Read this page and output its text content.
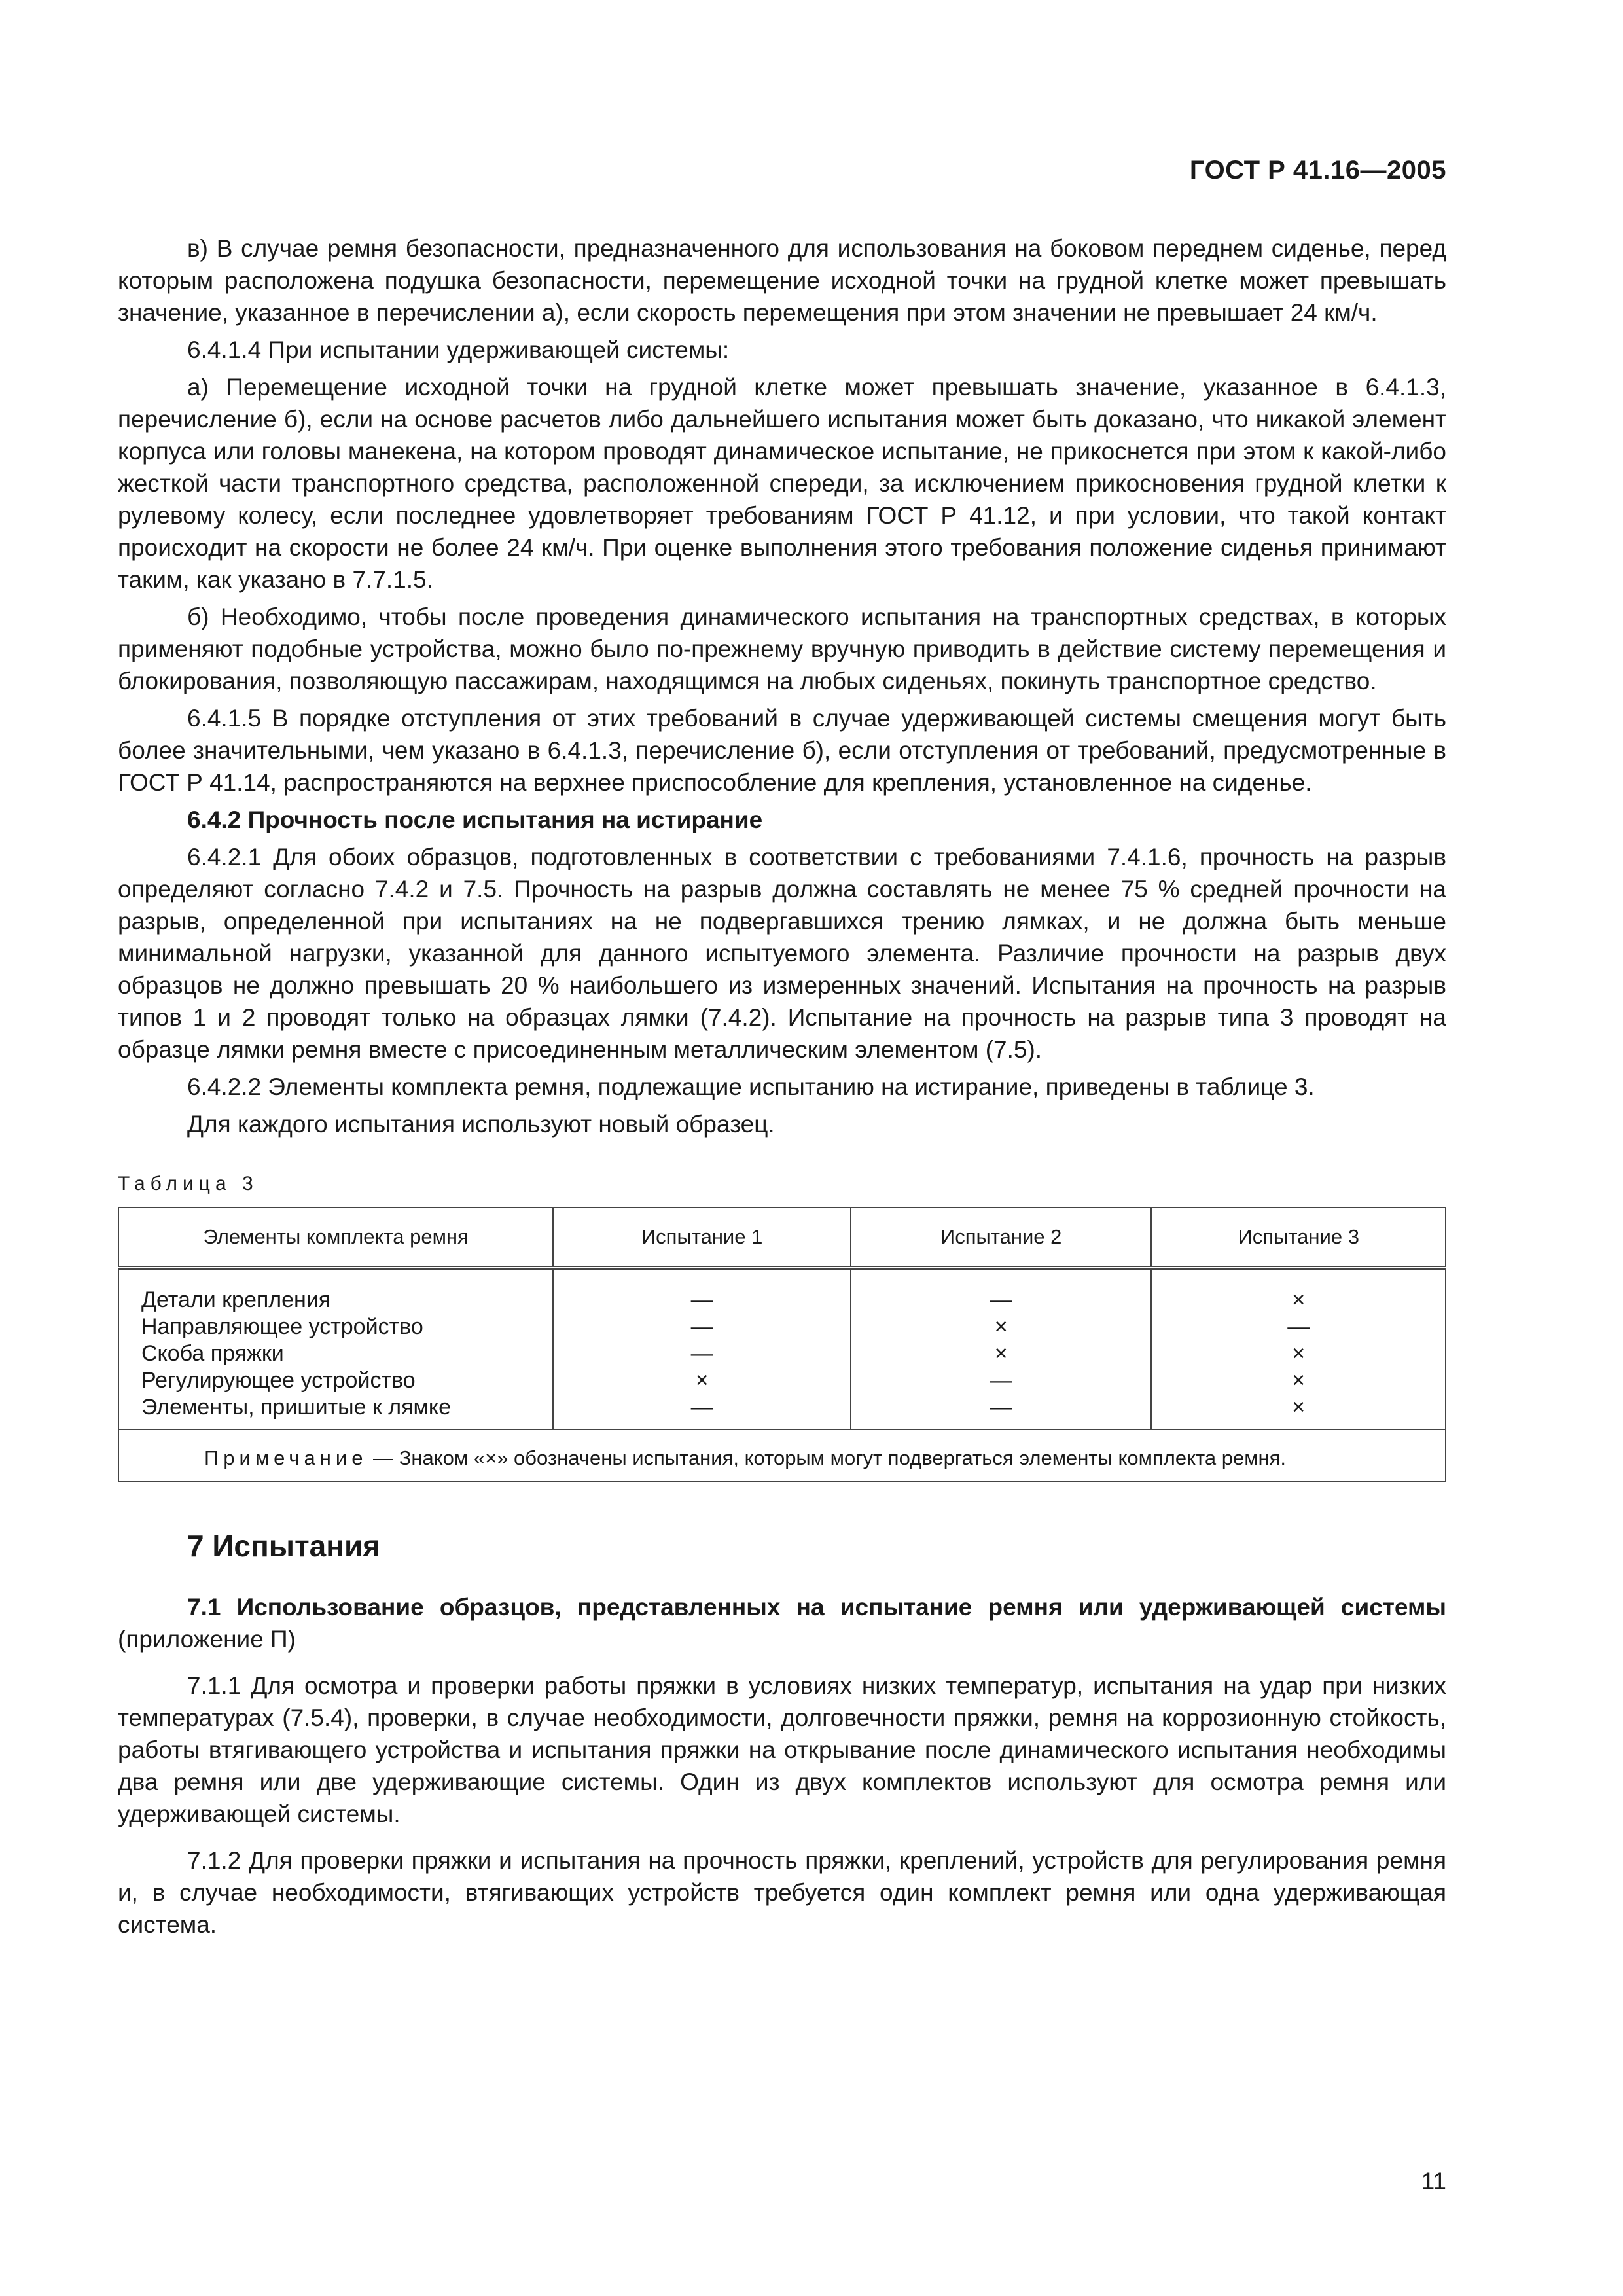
ГОСТ Р 41.16—2005

в) В случае ремня безопасности, предназначенного для использования на боковом переднем сиденье, перед которым расположена подушка безопасности, перемещение исходной точки на грудной клетке может превышать значение, указанное в перечислении а), если скорость перемещения при этом значении не превышает 24 км/ч.

6.4.1.4 При испытании удерживающей системы:

а) Перемещение исходной точки на грудной клетке может превышать значение, указанное в 6.4.1.3, перечисление б), если на основе расчетов либо дальнейшего испытания может быть доказано, что никакой элемент корпуса или головы манекена, на котором проводят динамическое испытание, не прикоснется при этом к какой-либо жесткой части транспортного средства, расположенной спереди, за исключением прикосновения грудной клетки к рулевому колесу, если последнее удовлетворяет требованиям ГОСТ Р 41.12, и при условии, что такой контакт происходит на скорости не более 24 км/ч. При оценке выполнения этого требования положение сиденья принимают таким, как указано в 7.7.1.5.

б) Необходимо, чтобы после проведения динамического испытания на транспортных средствах, в которых применяют подобные устройства, можно было по-прежнему вручную приводить в действие систему перемещения и блокирования, позволяющую пассажирам, находящимся на любых сиденьях, покинуть транспортное средство.

6.4.1.5 В порядке отступления от этих требований в случае удерживающей системы смещения могут быть более значительными, чем указано в 6.4.1.3, перечисление б), если отступления от требований, предусмотренные в ГОСТ Р 41.14, распространяются на верхнее приспособление для крепления, установленное на сиденье.

6.4.2 Прочность после испытания на истирание

6.4.2.1 Для обоих образцов, подготовленных в соответствии с требованиями 7.4.1.6, прочность на разрыв определяют согласно 7.4.2 и 7.5. Прочность на разрыв должна составлять не менее 75 % средней прочности на разрыв, определенной при испытаниях на не подвергавшихся трению лямках, и не должна быть меньше минимальной нагрузки, указанной для данного испытуемого элемента. Различие прочности на разрыв двух образцов не должно превышать 20 % наибольшего из измеренных значений. Испытания на прочность на разрыв типов 1 и 2 проводят только на образцах лямки (7.4.2). Испытание на прочность на разрыв типа 3 проводят на образце лямки ремня вместе с присоединенным металлическим элементом (7.5).

6.4.2.2 Элементы комплекта ремня, подлежащие испытанию на истирание, приведены в таблице 3.

Для каждого испытания используют новый образец.

Таблица 3
Элементы комплекта ремня	Испытание 1	Испытание 2	Испытание 3
Детали крепления	—	—	×
Направляющее устройство	—	×	—
Скоба пряжки	—	×	×
Регулирующее устройство	×	—	×
Элементы, пришитые к лямке	—	—	×
Примечание — Знаком «×» обозначены испытания, которым могут подвергаться элементы комплекта ремня.			
7 Испытания

7.1 Использование образцов, представленных на испытание ремня или удерживающей системы (приложение П)

7.1.1 Для осмотра и проверки работы пряжки в условиях низких температур, испытания на удар при низких температурах (7.5.4), проверки, в случае необходимости, долговечности пряжки, ремня на коррозионную стойкость, работы втягивающего устройства и испытания пряжки на открывание после динамического испытания необходимы два ремня или две удерживающие системы. Один из двух комплектов используют для осмотра ремня или удерживающей системы.

7.1.2 Для проверки пряжки и испытания на прочность пряжки, креплений, устройств для регулирования ремня и, в случае необходимости, втягивающих устройств требуется один комплект ремня или одна удерживающая система.

11
